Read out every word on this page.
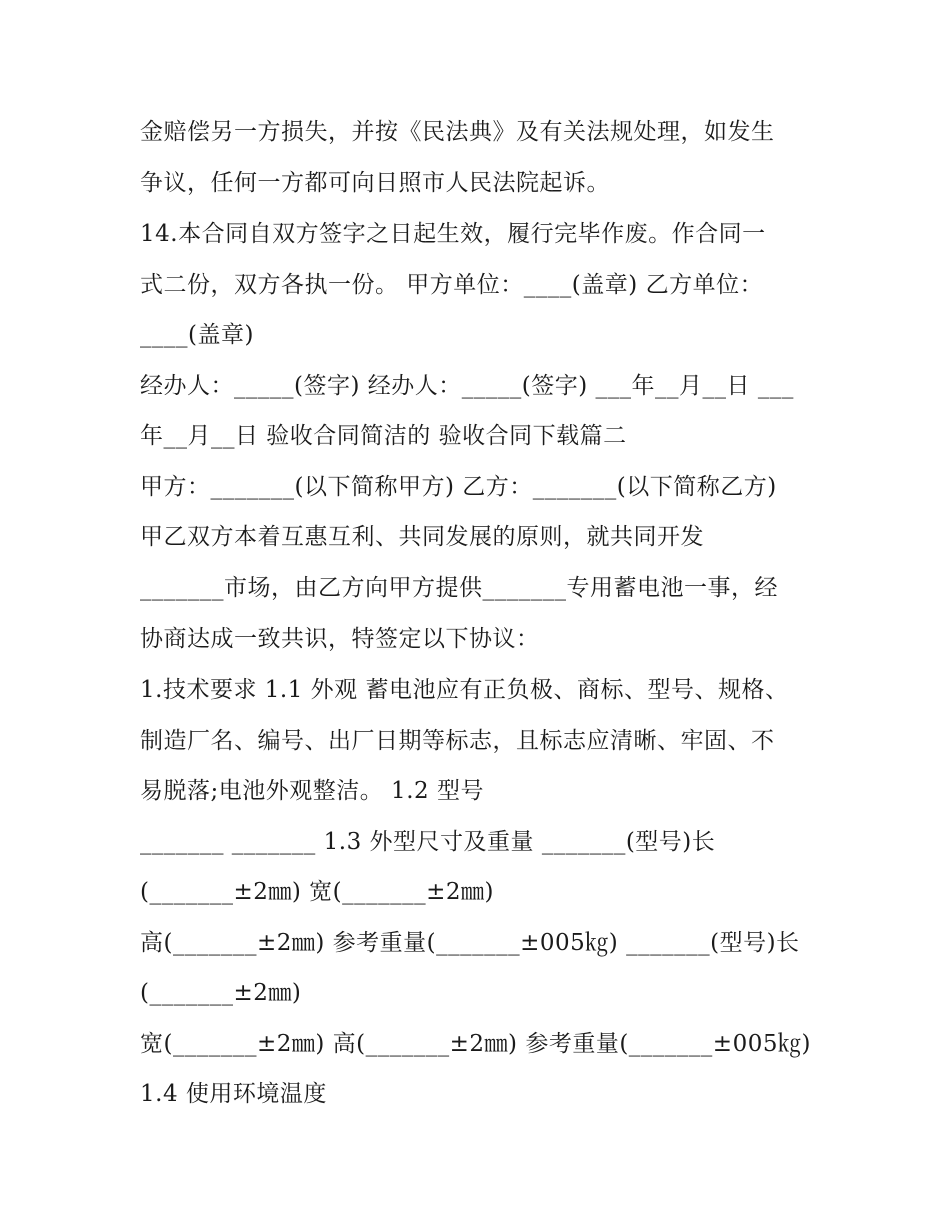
金赔偿另一方损失，并按《民法典》及有关法规处理，如发生
争议，任何一方都可向日照市人民法院起诉。
14.本合同自双方签字之日起生效，履行完毕作废。作合同一
式二份，双方各执一份。 甲方单位：____(盖章) 乙方单位：
____(盖章)
经办人：_____(签字) 经办人：_____(签字) ___年__月__日 ___
年__月__日 验收合同简洁的 验收合同下载篇二
甲方：_______(以下简称甲方) 乙方：_______(以下简称乙方)
甲乙双方本着互惠互利、共同发展的原则，就共同开发
_______市场，由乙方向甲方提供_______专用蓄电池一事，经
协商达成一致共识，特签定以下协议：
1.技术要求 1.1 外观 蓄电池应有正负极、商标、型号、规格、
制造厂名、编号、出厂日期等标志，且标志应清晰、牢固、不
易脱落;电池外观整洁。 1.2 型号
_______ _______ 1.3 外型尺寸及重量 _______(型号)长
(_______±2㎜) 宽(_______±2㎜)
高(_______±2㎜) 参考重量(_______±005㎏) _______(型号)长
(_______±2㎜)
宽(_______±2㎜) 高(_______±2㎜) 参考重量(_______±005㎏)
1.4 使用环境温度
